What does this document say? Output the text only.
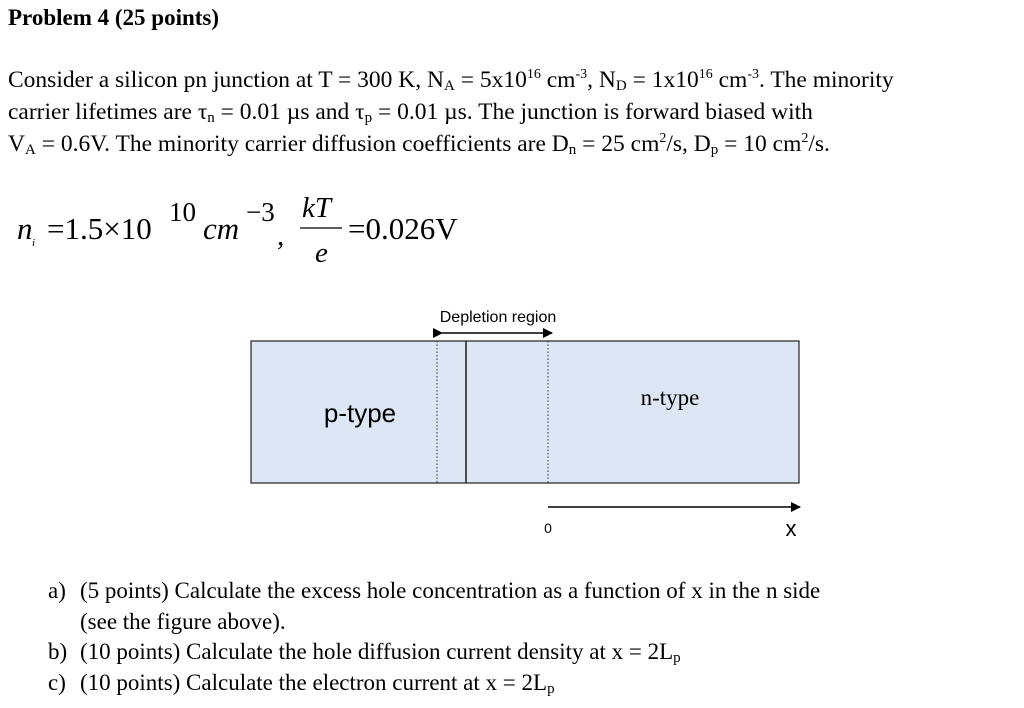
Problem 4 (25 points)
Consider a silicon pn junction at T = 300 K, $N_A = 5x10^{16}$ $cm^{-3}$, $N_D = 1x10^{16}$ $cm^{-3}$. The minority
carrier lifetimes are $\tau_n = 0.01$ µs and $\tau_p = 0.01$ µs. The junction is forward biased with
$V_A = 0.6V$. The minority carrier diffusion coefficients are $D_n = 25$ $cm^2/s$, $D_p = 10$ $cm^2/s$.
n i =1.5×10 10 cm −3
,
kT
e
=0.026V
Depletion region
p-type
n-type
0	x
a) (5 points) Calculate the excess hole concentration as a function of x in the n side
(see the figure above).
b) (10 points) Calculate the hole diffusion current density at $x = 2L_p$
c) (10 points) Calculate the electron current at $x = 2L_p$
